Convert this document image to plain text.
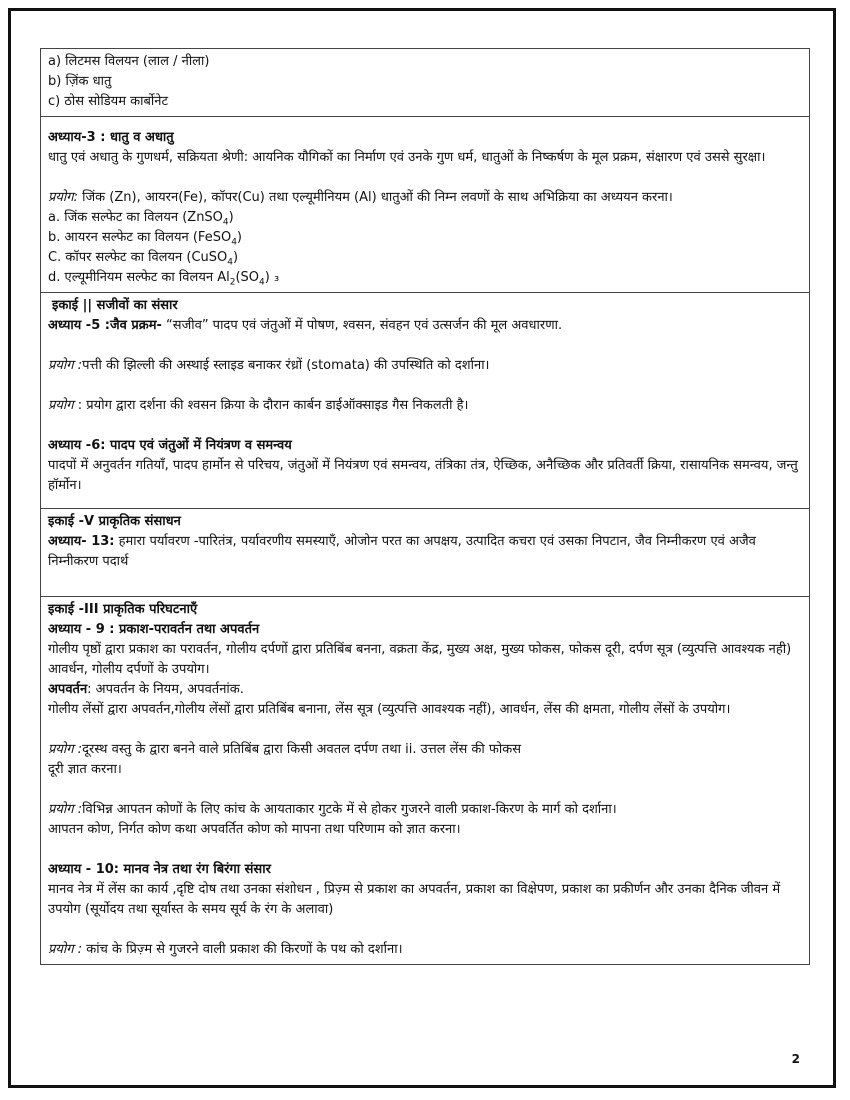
a) लिटमस विलयन (लाल / नीला)
b) ज़िंक धातु
c) ठोस सोडियम कार्बोनेट

अध्याय-3 : धातु व अधातु
धातु एवं अधातु के गुणधर्म, सक्रियता श्रेणी: आयनिक यौगिकों का निर्माण एवं उनके गुण धर्म, धातुओं के निष्कर्षण के मूल प्रक्रम, संक्षारण एवं उससे सुरक्षा।
प्रयोग: जिंक (Zn), आयरन(Fe), कॉपर(Cu) तथा एल्यूमीनियम (Al) धातुओं की निम्न लवणों के साथ अभिक्रिया का अध्ययन करना।
a. जिंक सल्फेट का विलयन (ZnSO$_4$)
b. आयरन सल्फेट का विलयन (FeSO$_4$)
C. कॉपर सल्फेट का विलयन (CuSO$_4$)
d. एल्यूमीनियम सल्फेट का विलयन $Al_2(SO_4)$ ₃

इकाई || सजीवों का संसार
अध्याय -5 :जैव प्रक्रम- “सजीव” पादप एवं जंतुओं में पोषण, श्वसन, संवहन एवं उत्सर्जन की मूल अवधारणा.
प्रयोग :पत्ती की झिल्ली की अस्थाई स्लाइड बनाकर रंध्रों (stomata) की उपस्थिति को दर्शाना।
प्रयोग : प्रयोग द्वारा दर्शना की श्वसन क्रिया के दौरान कार्बन डाईऑक्साइड गैस निकलती है।
अध्याय -6: पादप एवं जंतुओं में नियंत्रण व समन्वय
पादपों में अनुवर्तन गतियाँ, पादप हार्मोन से परिचय, जंतुओं में नियंत्रण एवं समन्वय, तंत्रिका तंत्र, ऐच्छिक, अनैच्छिक और प्रतिवर्ती क्रिया, रासायनिक समन्वय, जन्तु हॉर्मोन।

इकाई -V प्राकृतिक संसाधन
अध्याय- 13: हमारा पर्यावरण -पारितंत्र, पर्यावरणीय समस्याएँ, ओजोन परत का अपक्षय, उत्पादित कचरा एवं उसका निपटान, जैव निम्नीकरण एवं अजैव निम्नीकरण पदार्थ

इकाई -III प्राकृतिक परिघटनाएँ
अध्याय - 9 : प्रकाश-परावर्तन तथा अपवर्तन
गोलीय पृष्ठों द्वारा प्रकाश का परावर्तन, गोलीय दर्पणों द्वारा प्रतिबिंब बनना, वक्रता केंद्र, मुख्य अक्ष, मुख्य फोकस, फोकस दूरी, दर्पण सूत्र (व्युत्पत्ति आवश्यक नही) आवर्धन, गोलीय दर्पणों के उपयोग।
अपवर्तन: अपवर्तन के नियम, अपवर्तनांक.
गोलीय लेंसों द्वारा अपवर्तन,गोलीय लेंसों द्वारा प्रतिबिंब बनाना, लेंस सूत्र (व्युत्पत्ति आवश्यक नहीं), आवर्धन, लेंस की क्षमता, गोलीय लेंसों के उपयोग।
प्रयोग :दूरस्थ वस्तु के द्वारा बनने वाले प्रतिबिंब द्वारा किसी अवतल दर्पण तथा ii. उत्तल लेंस की फोकस
दूरी ज्ञात करना।
प्रयोग :विभिन्न आपतन कोणों के लिए कांच के आयताकार गुटके में से होकर गुजरने वाली प्रकाश-किरण के मार्ग को दर्शाना।
आपतन कोण, निर्गत कोण कथा अपवर्तित कोण को मापना तथा परिणाम को ज्ञात करना।
अध्याय - 10: मानव नेत्र तथा रंग बिरंगा संसार
मानव नेत्र में लेंस का कार्य ,दृष्टि दोष तथा उनका संशोधन , प्रिज़्म से प्रकाश का अपवर्तन, प्रकाश का विक्षेपण, प्रकाश का प्रकीर्णन और उनका दैनिक जीवन में उपयोग (सूर्योदय तथा सूर्यास्त के समय सूर्य के रंग के अलावा)
प्रयोग : कांच के प्रिज़्म से गुजरने वाली प्रकाश की किरणों के पथ को दर्शाना।
2
